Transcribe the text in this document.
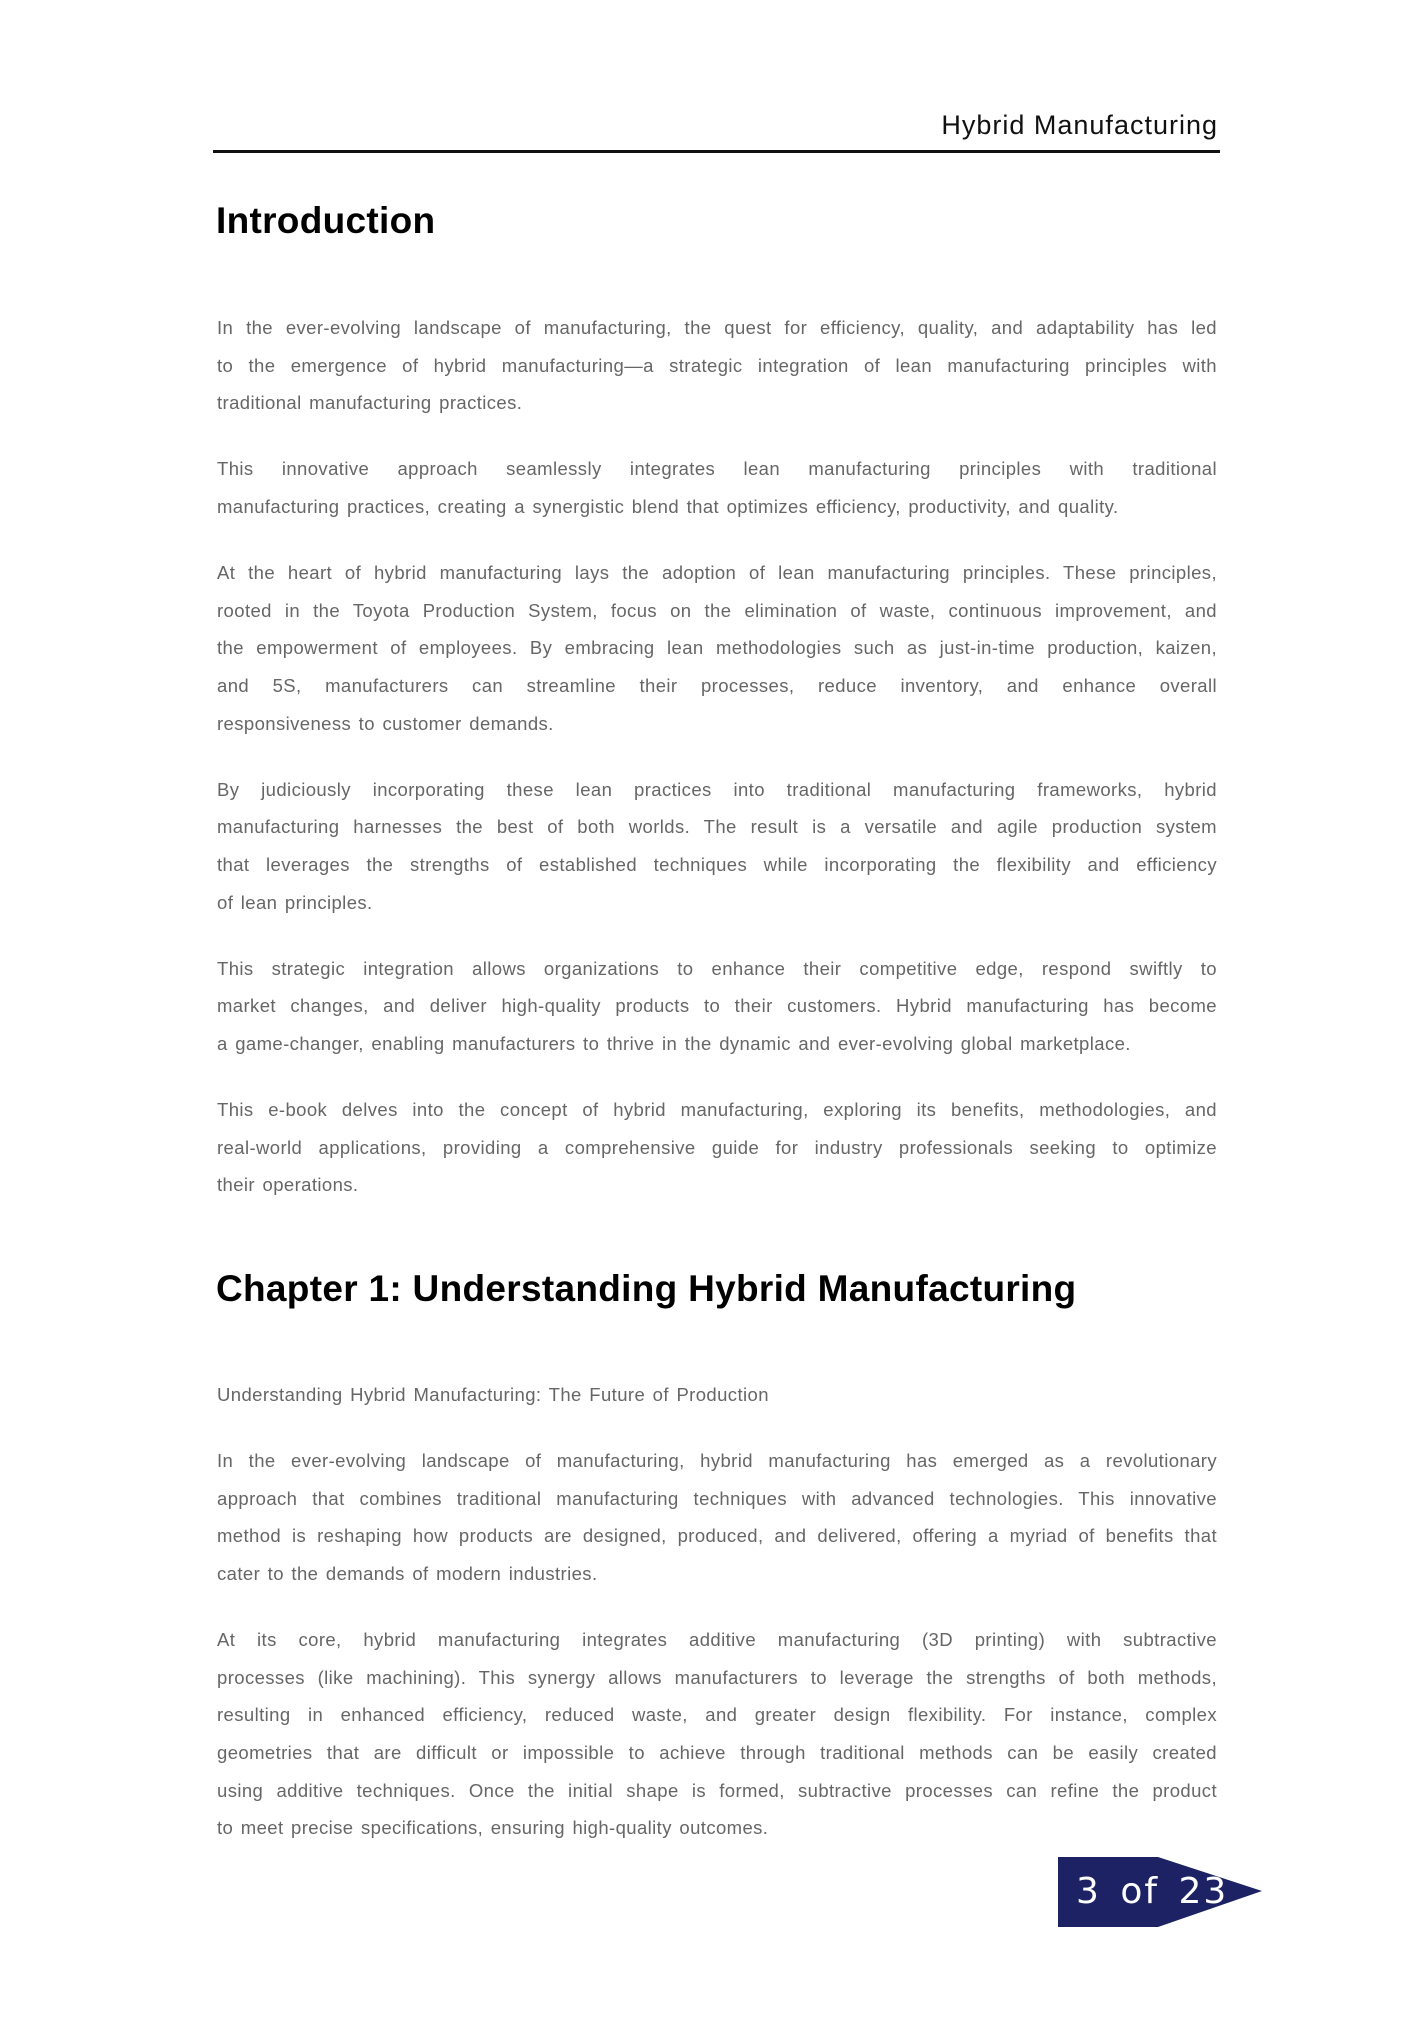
Hybrid Manufacturing
Introduction

In the ever-evolving landscape of manufacturing, the quest for efficiency, quality, and adaptability has led
to the emergence of hybrid manufacturing—a strategic integration of lean manufacturing principles with
traditional manufacturing practices.

This innovative approach seamlessly integrates lean manufacturing principles with traditional
manufacturing practices, creating a synergistic blend that optimizes efficiency, productivity, and quality.

At the heart of hybrid manufacturing lays the adoption of lean manufacturing principles. These principles,
rooted in the Toyota Production System, focus on the elimination of waste, continuous improvement, and
the empowerment of employees. By embracing lean methodologies such as just-in-time production, kaizen,
and 5S, manufacturers can streamline their processes, reduce inventory, and enhance overall
responsiveness to customer demands.

By judiciously incorporating these lean practices into traditional manufacturing frameworks, hybrid
manufacturing harnesses the best of both worlds. The result is a versatile and agile production system
that leverages the strengths of established techniques while incorporating the flexibility and efficiency
of lean principles.

This strategic integration allows organizations to enhance their competitive edge, respond swiftly to
market changes, and deliver high-quality products to their customers. Hybrid manufacturing has become
a game-changer, enabling manufacturers to thrive in the dynamic and ever-evolving global marketplace.

This e-book delves into the concept of hybrid manufacturing, exploring its benefits, methodologies, and
real-world applications, providing a comprehensive guide for industry professionals seeking to optimize
their operations.

Chapter 1: Understanding Hybrid Manufacturing

Understanding Hybrid Manufacturing: The Future of Production

In the ever-evolving landscape of manufacturing, hybrid manufacturing has emerged as a revolutionary
approach that combines traditional manufacturing techniques with advanced technologies. This innovative
method is reshaping how products are designed, produced, and delivered, offering a myriad of benefits that
cater to the demands of modern industries.

At its core, hybrid manufacturing integrates additive manufacturing (3D printing) with subtractive
processes (like machining). This synergy allows manufacturers to leverage the strengths of both methods,
resulting in enhanced efficiency, reduced waste, and greater design flexibility. For instance, complex
geometries that are difficult or impossible to achieve through traditional methods can be easily created
using additive techniques. Once the initial shape is formed, subtractive processes can refine the product
to meet precise specifications, ensuring high-quality outcomes.

3 of 23
